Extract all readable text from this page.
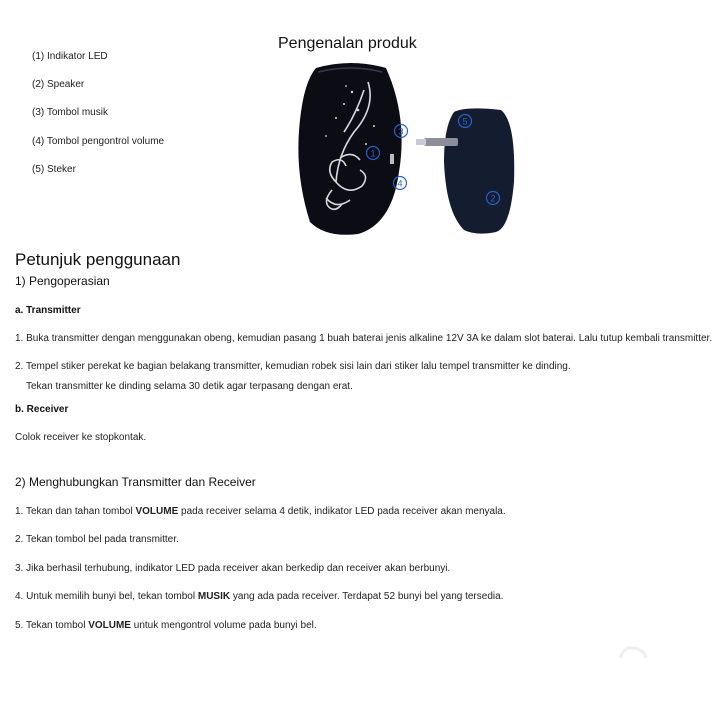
Pengenalan produk
(1) Indikator LED
(2) Speaker
(3) Tombol musik
(4) Tombol pengontrol volume
(5) Steker
1
2
3
4
5
Petunjuk penggunaan
1) Pengoperasian
a. Transmitter
1. Buka transmitter dengan menggunakan obeng, kemudian pasang 1 buah baterai jenis alkaline 12V 3A ke dalam slot baterai. Lalu tutup kembali transmitter.
2. Tempel stiker perekat ke bagian belakang transmitter, kemudian robek sisi lain dari stiker lalu tempel transmitter ke dinding.
Tekan transmitter ke dinding selama 30 detik agar terpasang dengan erat.
b. Receiver
Colok receiver ke stopkontak.
2) Menghubungkan Transmitter dan Receiver
1. Tekan dan tahan tombol VOLUME pada receiver selama 4 detik, indikator LED pada receiver akan menyala.
2. Tekan tombol bel pada transmitter.
3. Jika berhasil terhubung, indikator LED pada receiver akan berkedip dan receiver akan berbunyi.
4. Untuk memilih bunyi bel, tekan tombol MUSIK yang ada pada receiver. Terdapat 52 bunyi bel yang tersedia.
5. Tekan tombol VOLUME untuk mengontrol volume pada bunyi bel.
